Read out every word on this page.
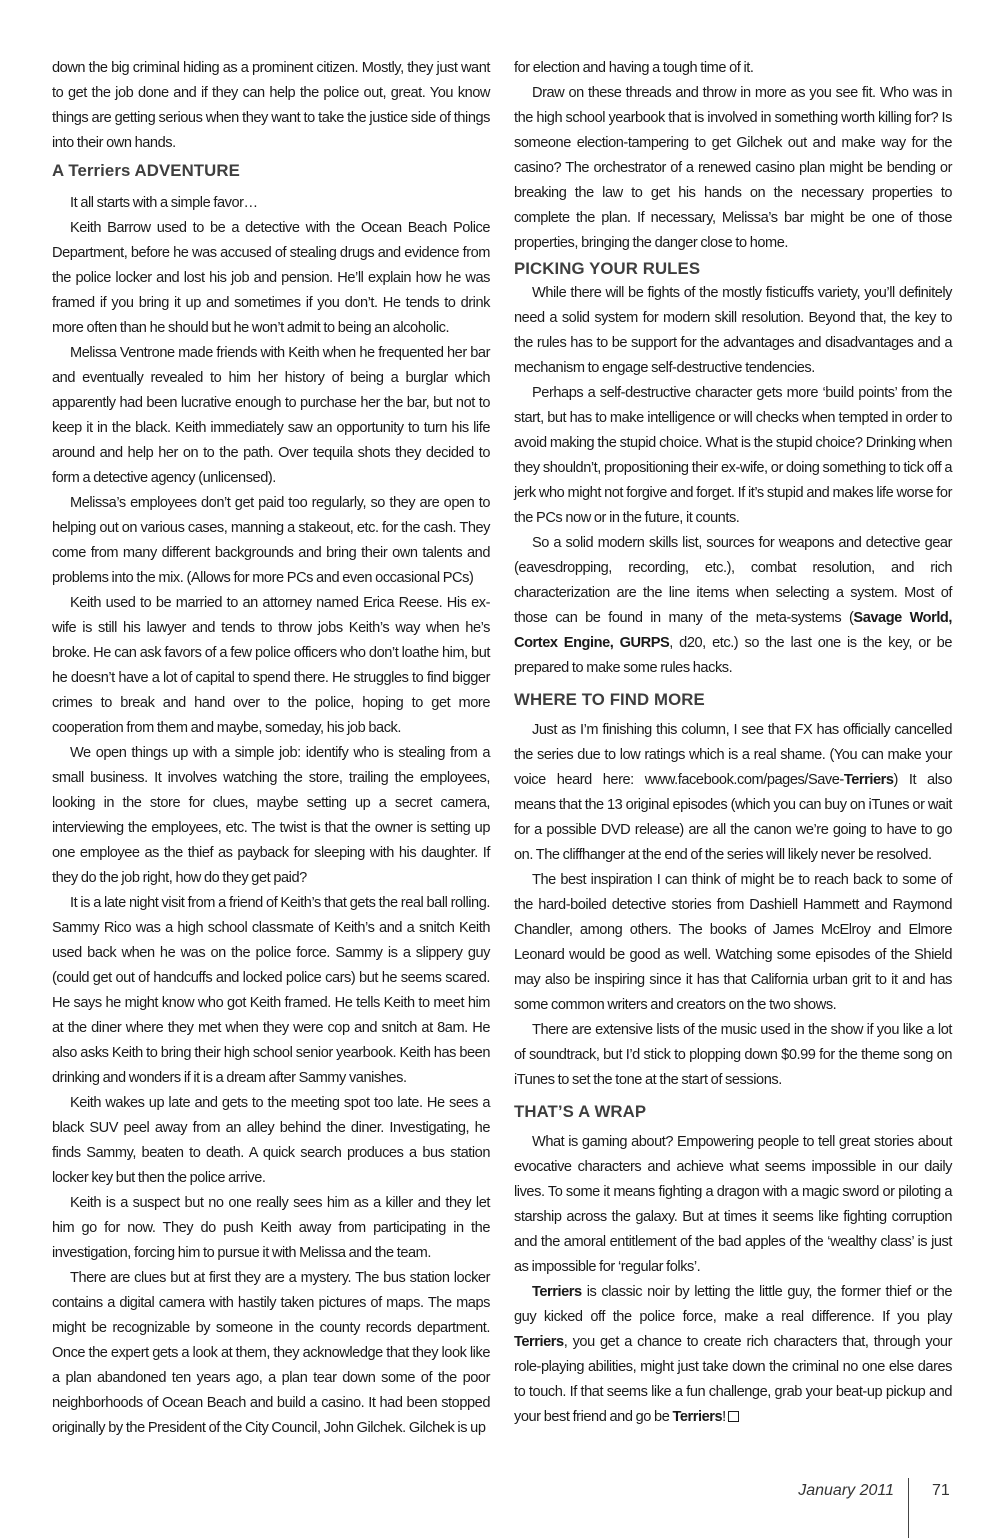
down the big criminal hiding as a prominent citizen. Mostly, they just want to get the job done and if they can help the police out, great. You know things are getting serious when they want to take the justice side of things into their own hands.

A Terriers ADVENTURE

It all starts with a simple favor…

Keith Barrow used to be a detective with the Ocean Beach Police Department, before he was accused of stealing drugs and evidence from the police locker and lost his job and pension. He’ll explain how he was framed if you bring it up and sometimes if you don’t. He tends to drink more often than he should but he won’t admit to being an alcoholic.

Melissa Ventrone made friends with Keith when he frequented her bar and eventually revealed to him her history of being a burglar which apparently had been lucrative enough to purchase her the bar, but not to keep it in the black. Keith immediately saw an opportunity to turn his life around and help her on to the path. Over tequila shots they decided to form a detective agency (unlicensed).

Melissa’s employees don’t get paid too regularly, so they are open to helping out on various cases, manning a stakeout, etc. for the cash. They come from many different backgrounds and bring their own talents and problems into the mix. (Allows for more PCs and even occasional PCs)

Keith used to be married to an attorney named Erica Reese. His ex-wife is still his lawyer and tends to throw jobs Keith’s way when he’s broke. He can ask favors of a few police officers who don’t loathe him, but he doesn’t have a lot of capital to spend there. He struggles to find bigger crimes to break and hand over to the police, hoping to get more cooperation from them and maybe, someday, his job back.

We open things up with a simple job: identify who is stealing from a small business. It involves watching the store, trailing the employees, looking in the store for clues, maybe setting up a secret camera, interviewing the employees, etc. The twist is that the owner is setting up one employee as the thief as payback for sleeping with his daughter. If they do the job right, how do they get paid?

It is a late night visit from a friend of Keith’s that gets the real ball rolling. Sammy Rico was a high school classmate of Keith’s and a snitch Keith used back when he was on the police force. Sammy is a slippery guy (could get out of handcuffs and locked police cars) but he seems scared. He says he might know who got Keith framed. He tells Keith to meet him at the diner where they met when they were cop and snitch at 8am. He also asks Keith to bring their high school senior yearbook. Keith has been drinking and wonders if it is a dream after Sammy vanishes.

Keith wakes up late and gets to the meeting spot too late. He sees a black SUV peel away from an alley behind the diner. Investigating, he finds Sammy, beaten to death. A quick search produces a bus station locker key but then the police arrive.

Keith is a suspect but no one really sees him as a killer and they let him go for now. They do push Keith away from participating in the investigation, forcing him to pursue it with Melissa and the team.

There are clues but at first they are a mystery. The bus station locker contains a digital camera with hastily taken pictures of maps. The maps might be recognizable by someone in the county records department. Once the expert gets a look at them, they acknowledge that they look like a plan abandoned ten years ago, a plan tear down some of the poor neighborhoods of Ocean Beach and build a casino. It had been stopped originally by the President of the City Council, John Gilchek. Gilchek is up

for election and having a tough time of it.

Draw on these threads and throw in more as you see fit. Who was in the high school yearbook that is involved in something worth killing for? Is someone election-tampering to get Gilchek out and make way for the casino? The orchestrator of a renewed casino plan might be bending or breaking the law to get his hands on the necessary properties to complete the plan. If necessary, Melissa’s bar might be one of those properties, bringing the danger close to home.

PICKING YOUR RULES

While there will be fights of the mostly fisticuffs variety, you’ll definitely need a solid system for modern skill resolution. Beyond that, the key to the rules has to be support for the advantages and disadvantages and a mechanism to engage self-destructive tendencies.

Perhaps a self-destructive character gets more ‘build points’ from the start, but has to make intelligence or will checks when tempted in order to avoid making the stupid choice. What is the stupid choice? Drinking when they shouldn’t, propositioning their ex-wife, or doing something to tick off a jerk who might not forgive and forget. If it’s stupid and makes life worse for the PCs now or in the future, it counts.

So a solid modern skills list, sources for weapons and detective gear (eavesdropping, recording, etc.), combat resolution, and rich characterization are the line items when selecting a system. Most of those can be found in many of the meta-systems (Savage World, Cortex Engine, GURPS, d20, etc.) so the last one is the key, or be prepared to make some rules hacks.

WHERE TO FIND MORE

Just as I’m finishing this column, I see that FX has officially cancelled the series due to low ratings which is a real shame. (You can make your voice heard here: www.facebook.com/pages/Save-Terriers) It also means that the 13 original episodes (which you can buy on iTunes or wait for a possible DVD release) are all the canon we’re going to have to go on. The cliffhanger at the end of the series will likely never be resolved.

The best inspiration I can think of might be to reach back to some of the hard-boiled detective stories from Dashiell Hammett and Raymond Chandler, among others. The books of James McElroy and Elmore Leonard would be good as well. Watching some episodes of the Shield may also be inspiring since it has that California urban grit to it and has some common writers and creators on the two shows.

There are extensive lists of the music used in the show if you like a lot of soundtrack, but I’d stick to plopping down $0.99 for the theme song on iTunes to set the tone at the start of sessions.

THAT’S A WRAP

What is gaming about? Empowering people to tell great stories about evocative characters and achieve what seems impossible in our daily lives. To some it means fighting a dragon with a magic sword or piloting a starship across the galaxy. But at times it seems like fighting corruption and the amoral entitlement of the bad apples of the ‘wealthy class’ is just as impossible for ‘regular folks’.

Terriers is classic noir by letting the little guy, the former thief or the guy kicked off the police force, make a real difference. If you play Terriers, you get a chance to create rich characters that, through your role-playing abilities, might just take down the criminal no one else dares to touch. If that seems like a fun challenge, grab your beat-up pickup and your best friend and go be Terriers!

January 2011 71
